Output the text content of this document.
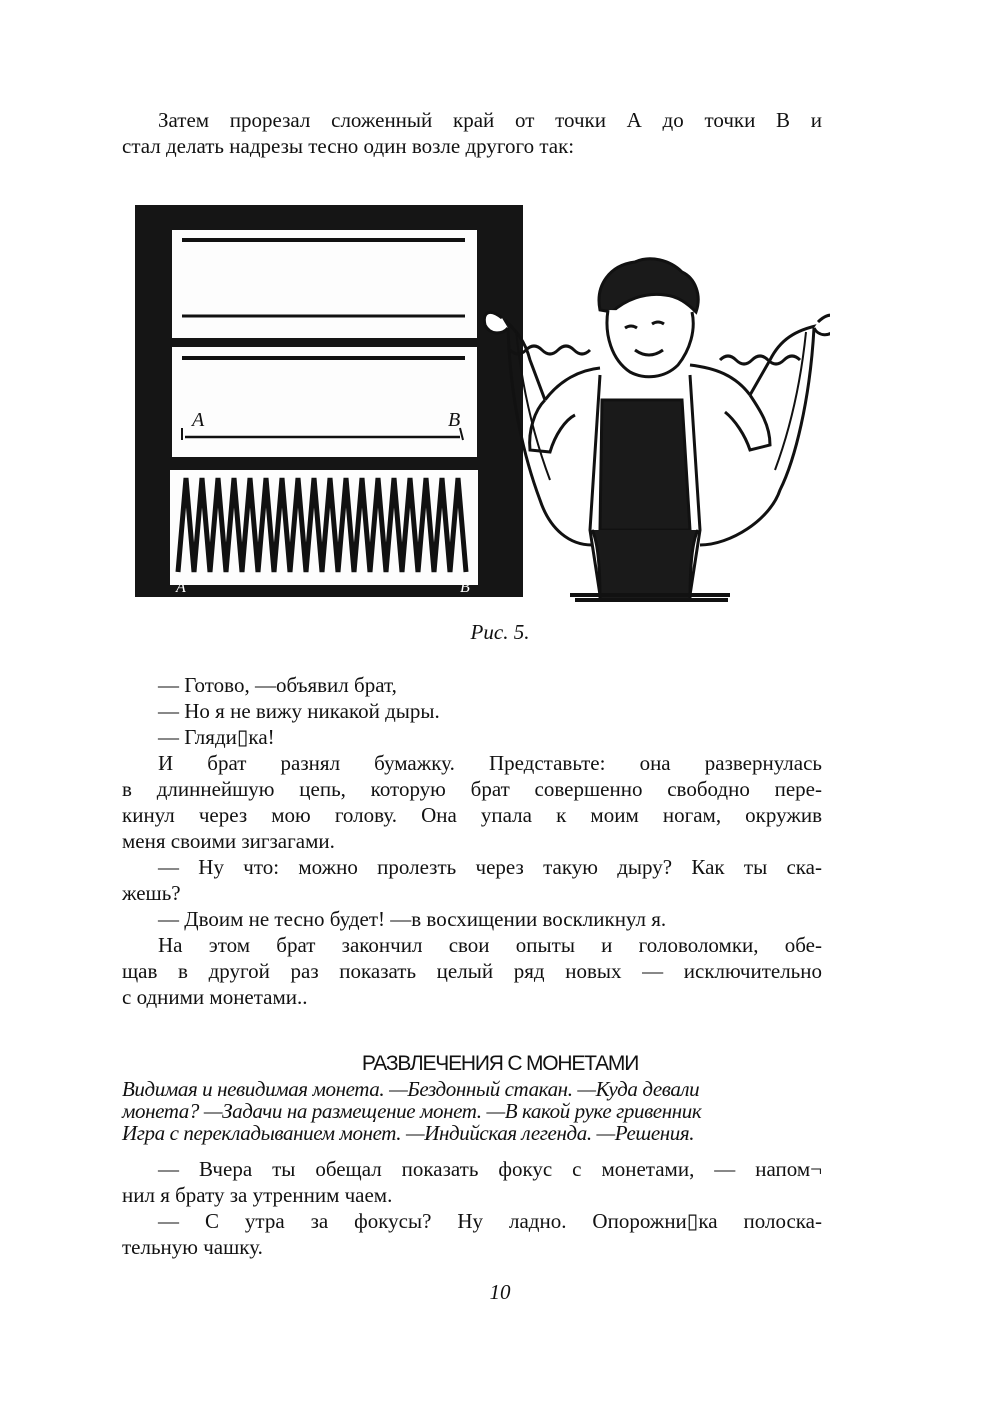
Затем прорезал сложенный край от точки А до точки В и

стал делать надрезы тесно один возле другого так:

А	В
A	B
Рис. 5.

— Готово, —объявил брат,

— Но я не вижу никакой дыры.

— Гляди▯ка!

И брат разнял бумажку. Представьте: она развернулась

в длиннейшую цепь, которую брат совершенно свободно пере-

кинул через мою голову. Она упала к моим ногам, окружив

меня своими зигзагами.

— Ну что: можно пролезть через такую дыру? Как ты ска-

жешь?

— Двоим не тесно будет! —в восхищении воскликнул я.

На этом брат закончил свои опыты и головоломки, обе-

щав в другой раз показать целый ряд новых — исключительно

с одними монетами..

РАЗВЛЕЧЕНИЯ С МОНЕТАМИ

Видимая и невидимая монета. —Бездонный стакан. —Куда девали

монета? —Задачи на размещение монет. —В какой руке гривенник

Игра с перекладыванием монет. —Индийская легенда. —Решения.

— Вчера ты обещал показать фокус с монетами, — напом¬

нил я брату за утренним чаем.

— С утра за фокусы? Ну ладно. Опорожни▯ка полоска-

тельную чашку.

10
